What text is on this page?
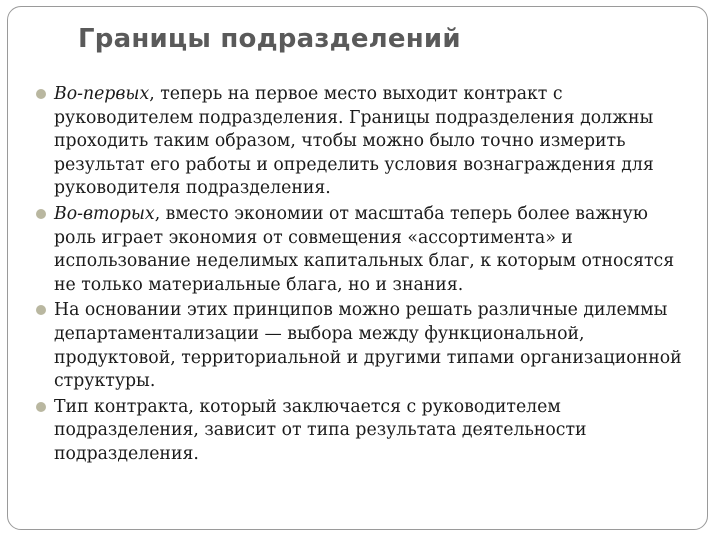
Границы подразделений
Во-первых, теперь на первое место выходит контракт с руководителем подразделения. Границы подразделения должны проходить таким образом, чтобы можно было точно измерить результат его работы и определить условия вознаграждения для руководителя подразделения.
Во-вторых, вместо экономии от масштаба теперь более важную роль играет экономия от совмещения «ассортимента» и использование неделимых капитальных благ, к которым относятся не только материальные блага, но и знания.
На основании этих принципов можно решать различные дилеммы департаментализации — выбора между функциональной, продуктовой, территориальной и другими типами организационной структуры.
Тип контракта, который заключается с руководителем подразделения, зависит от типа результата деятельности подразделения.
